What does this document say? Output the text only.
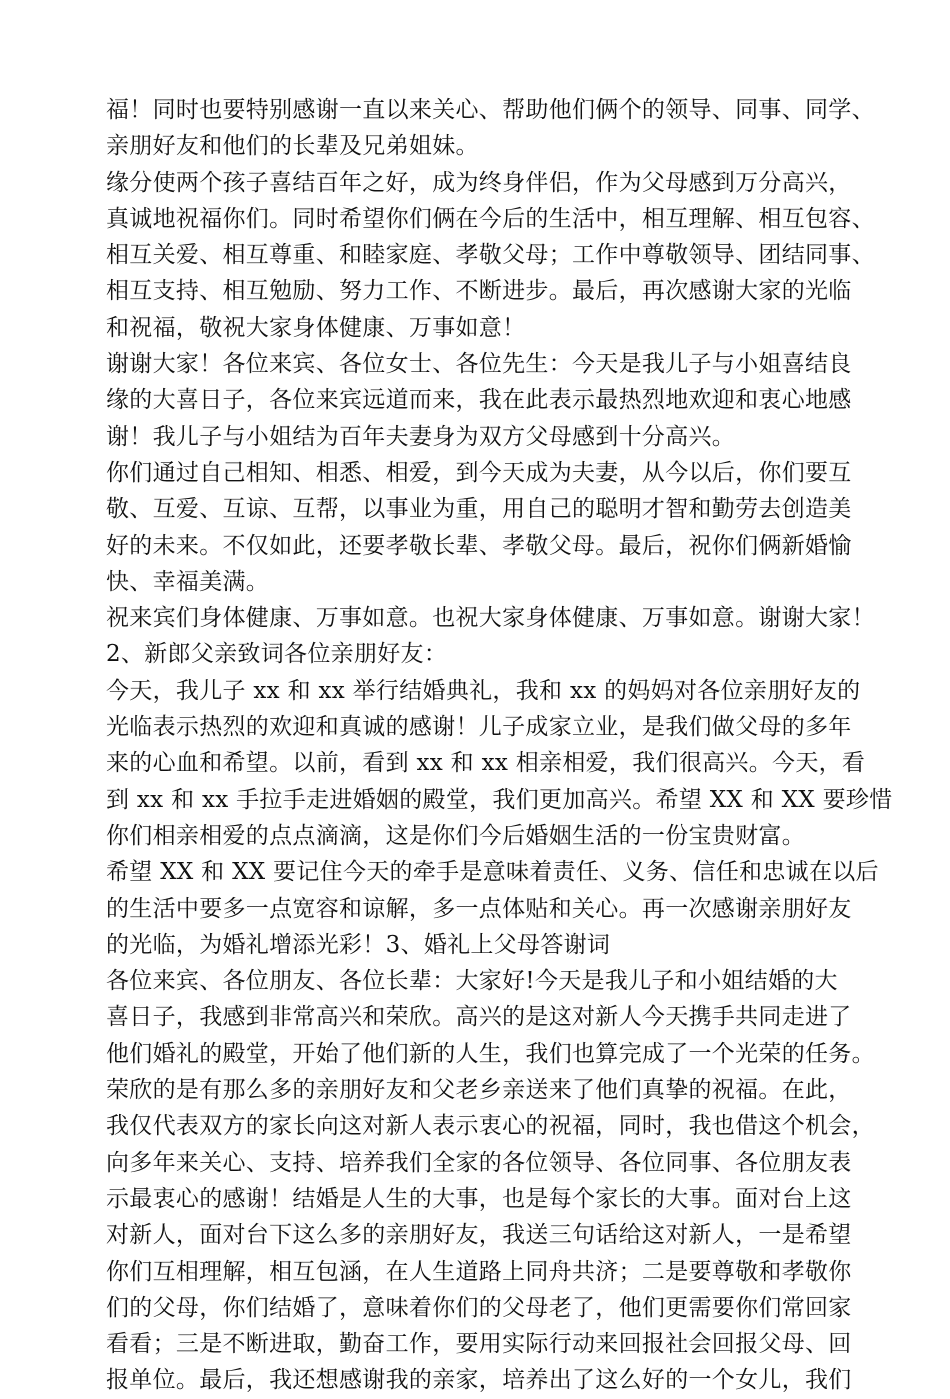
福！同时也要特别感谢一直以来关心、帮助他们俩个的领导、同事、同学、
亲朋好友和他们的长辈及兄弟姐妹。
缘分使两个孩子喜结百年之好，成为终身伴侣，作为父母感到万分高兴，
真诚地祝福你们。同时希望你们俩在今后的生活中，相互理解、相互包容、
相互关爱、相互尊重、和睦家庭、孝敬父母；工作中尊敬领导、团结同事、
相互支持、相互勉励、努力工作、不断进步。最后，再次感谢大家的光临
和祝福，敬祝大家身体健康、万事如意！
谢谢大家！各位来宾、各位女士、各位先生：今天是我儿子与小姐喜结良
缘的大喜日子，各位来宾远道而来，我在此表示最热烈地欢迎和衷心地感
谢！我儿子与小姐结为百年夫妻身为双方父母感到十分高兴。
你们通过自己相知、相悉、相爱，到今天成为夫妻，从今以后，你们要互
敬、互爱、互谅、互帮，以事业为重，用自己的聪明才智和勤劳去创造美
好的未来。不仅如此，还要孝敬长辈、孝敬父母。最后，祝你们俩新婚愉
快、幸福美满。
祝来宾们身体健康、万事如意。也祝大家身体健康、万事如意。谢谢大家！
2、新郎父亲致词各位亲朋好友：
今天，我儿子 xx 和 xx 举行结婚典礼，我和 xx 的妈妈对各位亲朋好友的
光临表示热烈的欢迎和真诚的感谢！儿子成家立业，是我们做父母的多年
来的心血和希望。以前，看到 xx 和 xx 相亲相爱，我们很高兴。今天，看
到 xx 和 xx 手拉手走进婚姻的殿堂，我们更加高兴。希望 XX 和 XX 要珍惜
你们相亲相爱的点点滴滴，这是你们今后婚姻生活的一份宝贵财富。
希望 XX 和 XX 要记住今天的牵手是意味着责任、义务、信任和忠诚在以后
的生活中要多一点宽容和谅解，多一点体贴和关心。再一次感谢亲朋好友
的光临，为婚礼增添光彩！3、婚礼上父母答谢词
各位来宾、各位朋友、各位长辈：大家好!今天是我儿子和小姐结婚的大
喜日子，我感到非常高兴和荣欣。高兴的是这对新人今天携手共同走进了
他们婚礼的殿堂，开始了他们新的人生，我们也算完成了一个光荣的任务。
荣欣的是有那么多的亲朋好友和父老乡亲送来了他们真挚的祝福。在此，
我仅代表双方的家长向这对新人表示衷心的祝福，同时，我也借这个机会，
向多年来关心、支持、培养我们全家的各位领导、各位同事、各位朋友表
示最衷心的感谢！结婚是人生的大事，也是每个家长的大事。面对台上这
对新人，面对台下这么多的亲朋好友，我送三句话给这对新人，一是希望
你们互相理解，相互包涵，在人生道路上同舟共济；二是要尊敬和孝敬你
们的父母，你们结婚了，意味着你们的父母老了，他们更需要你们常回家
看看；三是不断进取，勤奋工作，要用实际行动来回报社会回报父母、回
报单位。最后，我还想感谢我的亲家，培养出了这么好的一个女儿，我们
